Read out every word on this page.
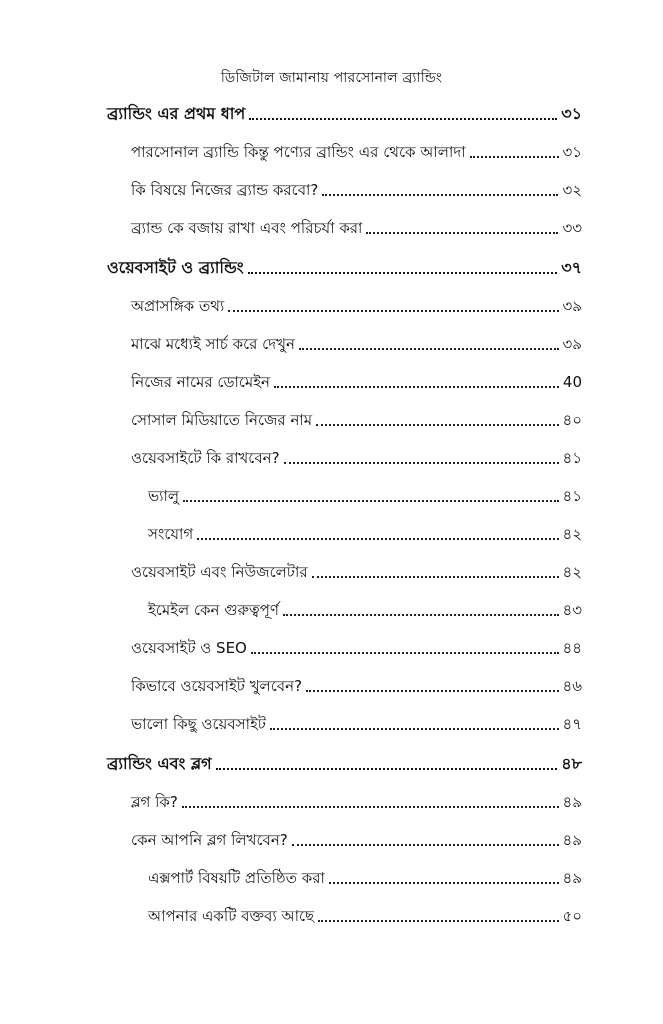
ডিজিটাল জামানায় পারসোনাল ব্র্যান্ডিং
ব্র্যান্ডিং এর প্রথম ধাপ	৩১
পারসোনাল ব্র্যান্ডি কিন্তু পণ্যের ব্রান্ডিং এর থেকে আলাদা	৩১
কি বিষয়ে নিজের ব্র্যান্ড করবো?	৩২
ব্র্যান্ড কে বজায় রাখা এবং পরিচর্যা করা	৩৩
ওয়েবসাইট ও ব্র্যান্ডিং	৩৭
অপ্রাসঙ্গিক তথ্য	৩৯
মাঝে মধ্যেই সার্চ করে দেখুন	৩৯
নিজের নামের ডোমেইন	40
সোসাল মিডিয়াতে নিজের নাম	৪০
ওয়েবসাইটে কি রাখবেন?	৪১
ভ্যালু	৪১
সংযোগ	৪২
ওয়েবসাইট এবং নিউজলেটার	৪২
ইমেইল কেন গুরুত্বপূর্ণ	৪৩
ওয়েবসাইট ও SEO	৪৪
কিভাবে ওয়েবসাইট খুলবেন?	৪৬
ভালো কিছু ওয়েবসাইট	৪৭
ব্র্যান্ডিং এবং ব্লগ	৪৮
ব্লগ কি?	৪৯
কেন আপনি ব্লগ লিখবেন?	৪৯
এক্সপার্ট বিষয়টি প্রতিষ্ঠিত করা	৪৯
আপনার একটি বক্তব্য আছে	৫০
